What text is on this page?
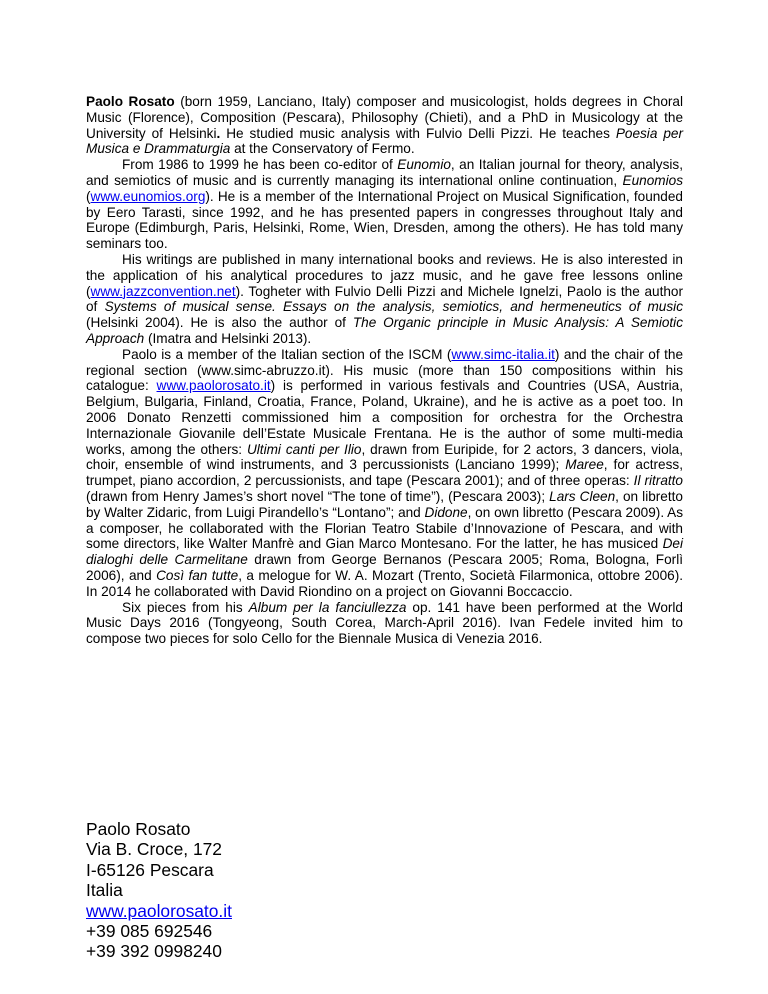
Paolo Rosato (born 1959, Lanciano, Italy) composer and musicologist, holds degrees in Choral Music (Florence), Composition (Pescara), Philosophy (Chieti), and a PhD in Musicology at the University of Helsinki. He studied music analysis with Fulvio Delli Pizzi. He teaches Poesia per Musica e Drammaturgia at the Conservatory of Fermo.

From 1986 to 1999 he has been co-editor of Eunomio, an Italian journal for theory, analysis, and semiotics of music and is currently managing its international online continuation, Eunomios (www.eunomios.org). He is a member of the International Project on Musical Signification, founded by Eero Tarasti, since 1992, and he has presented papers in congresses throughout Italy and Europe (Edimburgh, Paris, Helsinki, Rome, Wien, Dresden, among the others). He has told many seminars too.

His writings are published in many international books and reviews. He is also interested in the application of his analytical procedures to jazz music, and he gave free lessons online (www.jazzconvention.net). Togheter with Fulvio Delli Pizzi and Michele Ignelzi, Paolo is the author of Systems of musical sense. Essays on the analysis, semiotics, and hermeneutics of music (Helsinki 2004). He is also the author of The Organic principle in Music Analysis: A Semiotic Approach (Imatra and Helsinki 2013).

Paolo is a member of the Italian section of the ISCM (www.simc-italia.it) and the chair of the regional section (www.simc-abruzzo.it). His music (more than 150 compositions within his catalogue: www.paolorosato.it) is performed in various festivals and Countries (USA, Austria, Belgium, Bulgaria, Finland, Croatia, France, Poland, Ukraine), and he is active as a poet too. In 2006 Donato Renzetti commissioned him a composition for orchestra for the Orchestra Internazionale Giovanile dell’Estate Musicale Frentana. He is the author of some multi-media works, among the others: Ultimi canti per Ilio, drawn from Euripide, for 2 actors, 3 dancers, viola, choir, ensemble of wind instruments, and 3 percussionists (Lanciano 1999); Maree, for actress, trumpet, piano accordion, 2 percussionists, and tape (Pescara 2001); and of three operas: Il ritratto (drawn from Henry James’s short novel “The tone of time”), (Pescara 2003); Lars Cleen, on libretto by Walter Zidaric, from Luigi Pirandello’s “Lontano”; and Didone, on own libretto (Pescara 2009). As a composer, he collaborated with the Florian Teatro Stabile d’Innovazione of Pescara, and with some directors, like Walter Manfrè and Gian Marco Montesano. For the latter, he has musiced Dei dialoghi delle Carmelitane drawn from George Bernanos (Pescara 2005; Roma, Bologna, Forlì 2006), and Così fan tutte, a melogue for W. A. Mozart (Trento, Società Filarmonica, ottobre 2006). In 2014 he collaborated with David Riondino on a project on Giovanni Boccaccio.

Six pieces from his Album per la fanciullezza op. 141 have been performed at the World Music Days 2016 (Tongyeong, South Corea, March-April 2016). Ivan Fedele invited him to compose two pieces for solo Cello for the Biennale Musica di Venezia 2016.

Paolo Rosato
Via B. Croce, 172
I-65126 Pescara
Italia
www.paolorosato.it
+39 085 692546
+39 392 0998240
